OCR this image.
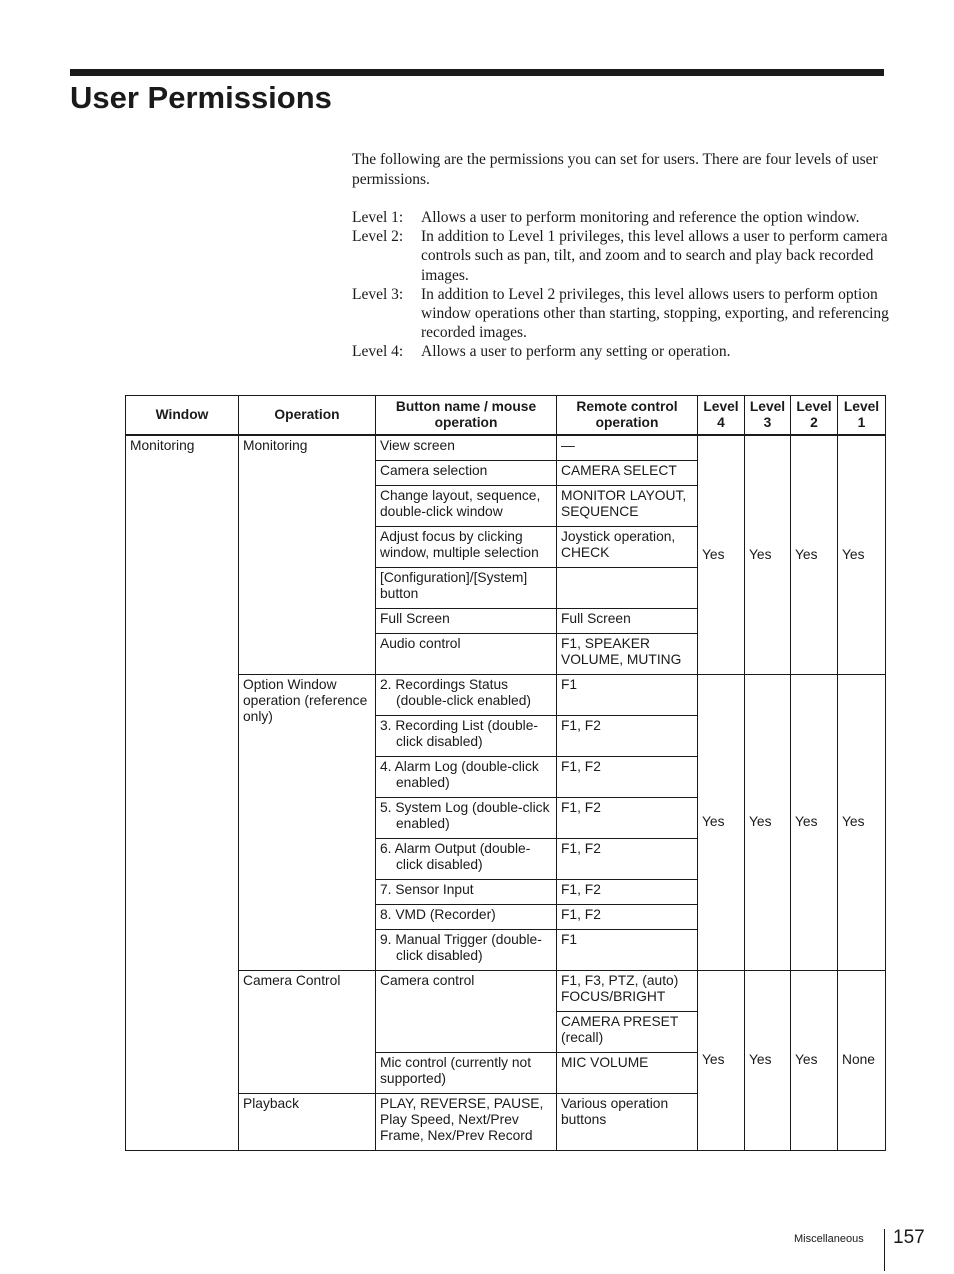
User Permissions

The following are the permissions you can set for users. There are four levels of user permissions.

Level 1:	Allows a user to perform monitoring and reference the option window.
Level 2:	In addition to Level 1 privileges, this level allows a user to perform camera controls such as pan, tilt, and zoom and to search and play back recorded images.
Level 3:	In addition to Level 2 privileges, this level allows users to perform option window operations other than starting, stopping, exporting, and referencing recorded images.
Level 4:	Allows a user to perform any setting or operation.
Window	Operation	Button name / mouse operation	Remote control operation	Level 4	Level 3	Level 2	Level 1
Monitoring	Monitoring	View screen	—	Yes	Yes	Yes	Yes
		Camera selection	CAMERA SELECT				
		Change layout, sequence, double-click window	MONITOR LAYOUT, SEQUENCE				
		Adjust focus by clicking window, multiple selection	Joystick operation, CHECK				
		[Configuration]/[System] button					
		Full Screen	Full Screen				
		Audio control	F1, SPEAKER VOLUME, MUTING				
	Option Window operation (reference only)	2. Recordings Status (double-click enabled)	F1	Yes	Yes	Yes	Yes

		3. Recording List (double-click disabled)	F1, F2				

		4. Alarm Log (double-click enabled)	F1, F2				

		5. System Log (double-click enabled)	F1, F2				

		6. Alarm Output (double-click disabled)	F1, F2				

		7. Sensor Input	F1, F2				

		8. VMD (Recorder)	F1, F2				

		9. Manual Trigger (double-click disabled)	F1				
	Camera Control	Camera control	F1, F3, PTZ, (auto) FOCUS/BRIGHT	Yes	Yes	Yes	None
			CAMERA PRESET (recall)				
		Mic control (currently not supported)	MIC VOLUME				
	Playback	PLAY, REVERSE, PAUSE, Play Speed, Next/Prev Frame, Nex/Prev Record	Various operation buttons				

Miscellaneous 157
